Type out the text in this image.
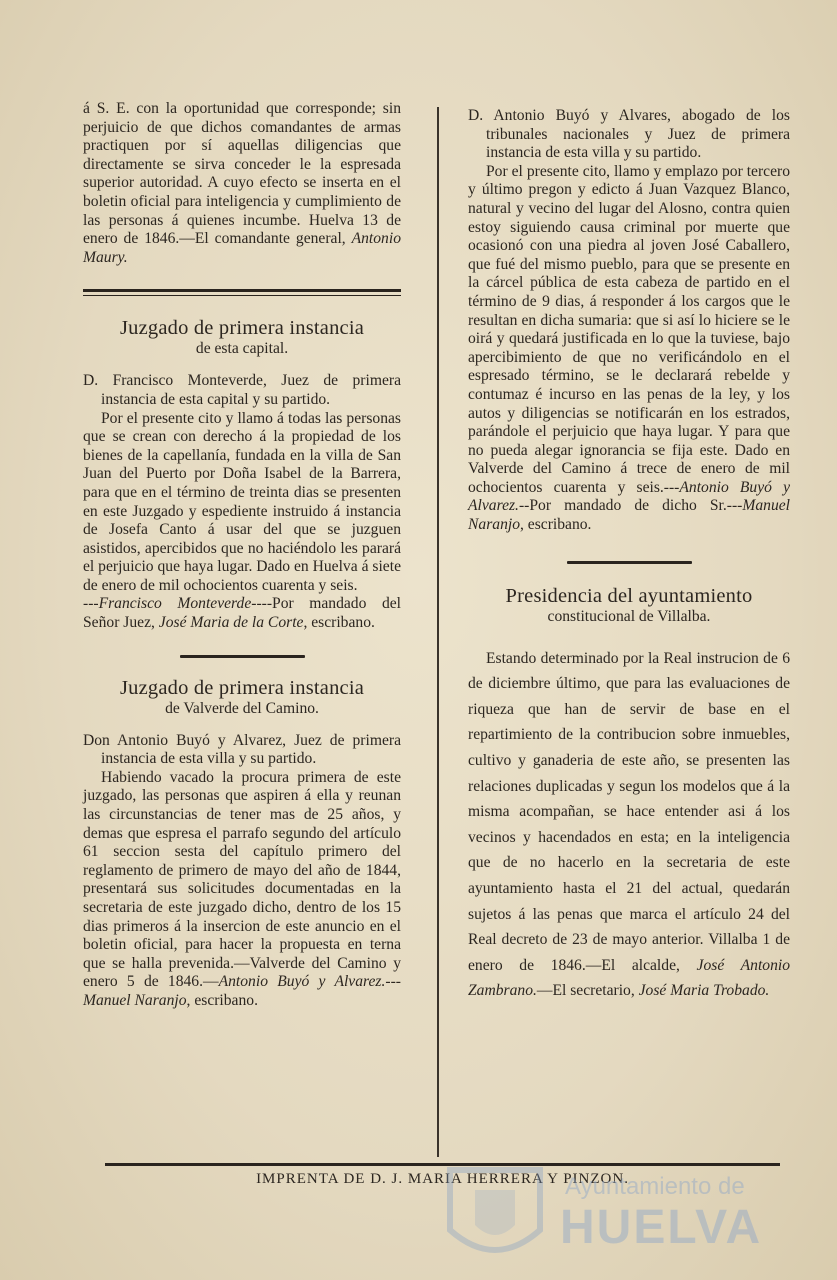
á S. E. con la oportunidad que corresponde; sin perjuicio de que dichos comandantes de armas practiquen por sí aquellas diligencias que directamente se sirva conceder le la espresada superior autoridad. A cuyo efecto se inserta en el boletin oficial para inteligencia y cumplimiento de las personas á quienes incumbe. Huelva 13 de enero de 1846.—El comandante general, Antonio Maury.

Juzgado de primera instancia

de esta capital.

D. Francisco Monteverde, Juez de primera instancia de esta capital y su partido.

Por el presente cito y llamo á todas las personas que se crean con derecho á la propiedad de los bienes de la capellanía, fundada en la villa de San Juan del Puerto por Doña Isabel de la Barrera, para que en el término de treinta dias se presenten en este Juzgado y espediente instruido á instancia de Josefa Canto á usar del que se juzguen asistidos, apercibidos que no haciéndolo les parará el perjuicio que haya lugar. Dado en Huelva á siete de enero de mil ochocientos cuarenta y seis.
---Francisco Monteverde----Por mandado del Señor Juez, José Maria de la Corte, escribano.

Juzgado de primera instancia

de Valverde del Camino.

Don Antonio Buyó y Alvarez, Juez de primera instancia de esta villa y su partido.

Habiendo vacado la procura primera de este juzgado, las personas que aspiren á ella y reunan las circunstancias de tener mas de 25 años, y demas que espresa el parrafo segundo del artículo 61 seccion sesta del capítulo primero del reglamento de primero de mayo del año de 1844, presentará sus solicitudes documentadas en la secretaria de este juzgado dicho, dentro de los 15 dias primeros á la insercion de este anuncio en el boletin oficial, para hacer la propuesta en terna que se halla prevenida.—Valverde del Camino y enero 5 de 1846.—Antonio Buyó y Alvarez.---Manuel Naranjo, escribano.

D. Antonio Buyó y Alvares, abogado de los tribunales nacionales y Juez de primera instancia de esta villa y su partido.

Por el presente cito, llamo y emplazo por tercero y último pregon y edicto á Juan Vazquez Blanco, natural y vecino del lugar del Alosno, contra quien estoy siguiendo causa criminal por muerte que ocasionó con una piedra al joven José Caballero, que fué del mismo pueblo, para que se presente en la cárcel pública de esta cabeza de partido en el término de 9 dias, á responder á los cargos que le resultan en dicha sumaria: que si así lo hiciere se le oirá y quedará justificada en lo que la tuviese, bajo apercibimiento de que no verificándolo en el espresado término, se le declarará rebelde y contumaz é incurso en las penas de la ley, y los autos y diligencias se notificarán en los estrados, parándole el perjuicio que haya lugar. Y para que no pueda alegar ignorancia se fija este. Dado en Valverde del Camino á trece de enero de mil ochocientos cuarenta y seis.---Antonio Buyó y Alvarez.--Por mandado de dicho Sr.---Manuel Naranjo, escribano.

Presidencia del ayuntamiento

constitucional de Villalba.

Estando determinado por la Real instrucion de 6 de diciembre último, que para las evaluaciones de riqueza que han de servir de base en el repartimiento de la contribucion sobre inmuebles, cultivo y ganaderia de este año, se presenten las relaciones duplicadas y segun los modelos que á la misma acompañan, se hace entender asi á los vecinos y hacendados en esta; en la inteligencia que de no hacerlo en la secretaria de este ayuntamiento hasta el 21 del actual, quedarán sujetos á las penas que marca el artículo 24 del Real decreto de 23 de mayo anterior. Villalba 1 de enero de 1846.—El alcalde, José Antonio Zambrano.—El secretario, José Maria Trobado.

IMPRENTA DE D. J. MARIA HERRERA Y PINZON.
Ayuntamiento de
HUELVA
